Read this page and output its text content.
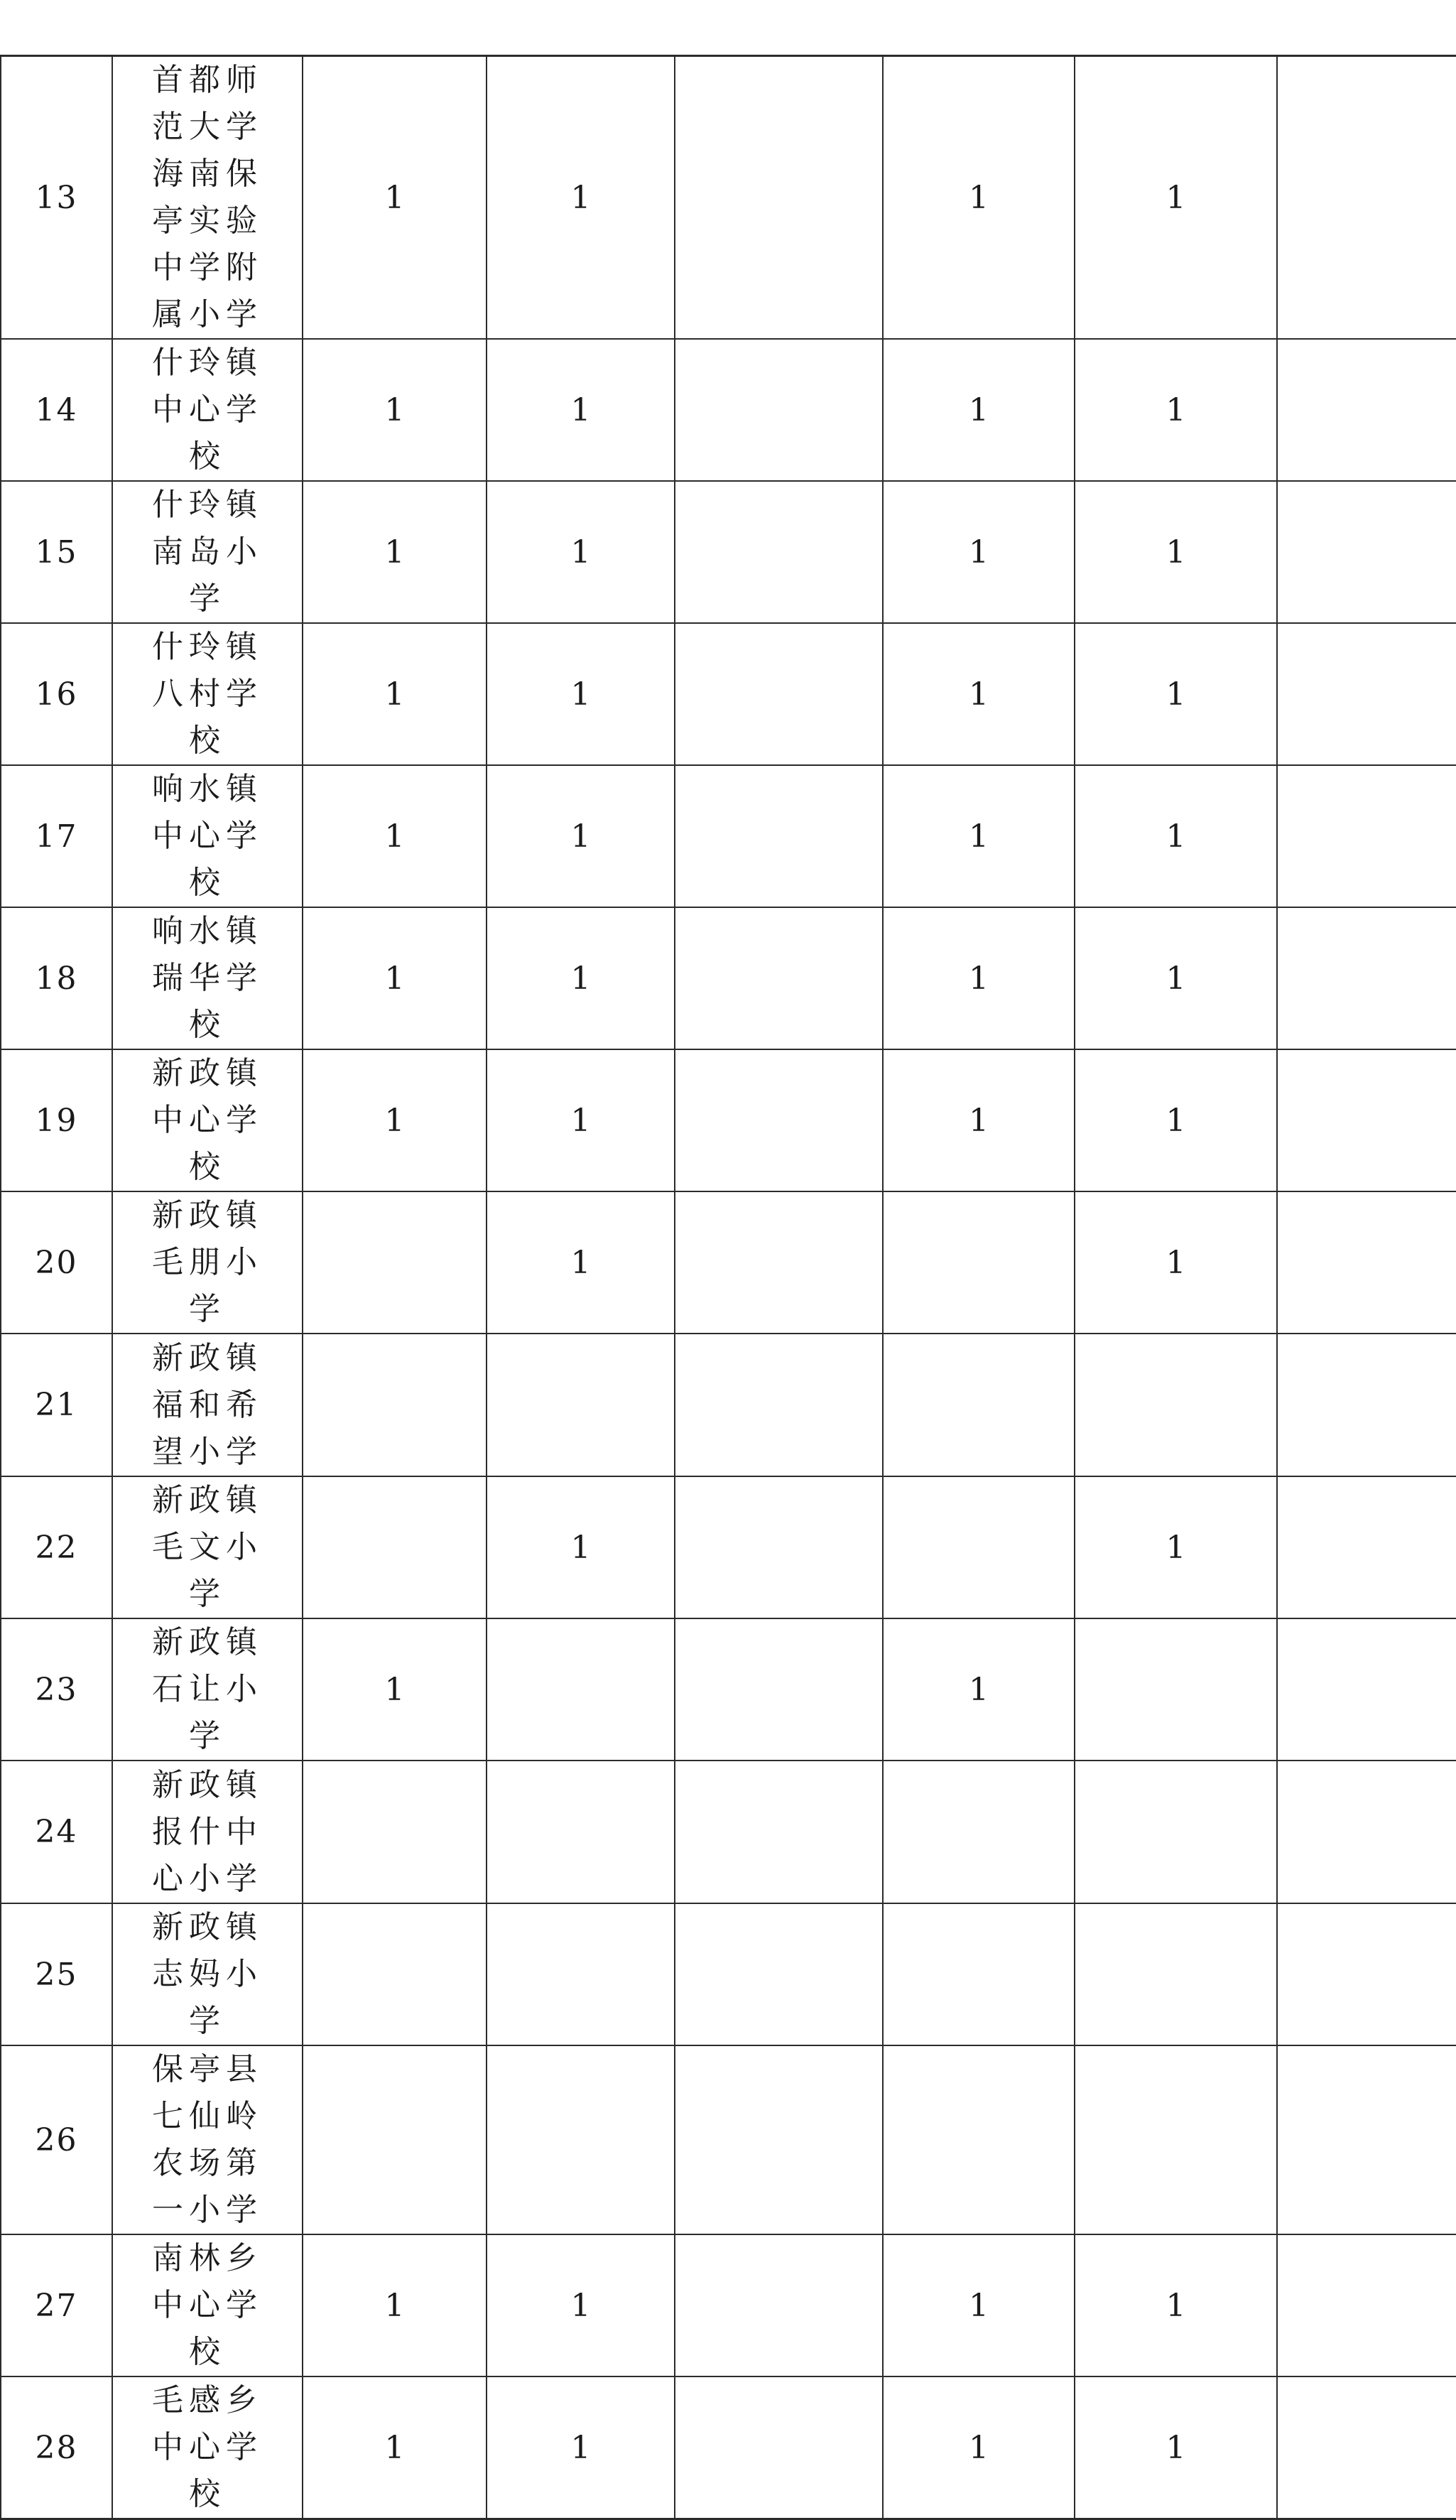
13	首都师范大学海南保亭实验中学附属小学	1	1		1	1	
14	什玲镇中心学校	1	1		1	1	
15	什玲镇南岛小学	1	1		1	1	
16	什玲镇八村学校	1	1		1	1	
17	响水镇中心学校	1	1		1	1	
18	响水镇瑞华学校	1	1		1	1	
19	新政镇中心学校	1	1		1	1	
20	新政镇毛朋小学		1			1	
21	新政镇福和希望小学						

22	新政镇毛文小学		1			1	
23	新政镇石让小学	1			1		
24	新政镇报什中心小学						

25	新政镇志妈小学						

26	保亭县七仙岭农场第一小学						

27	南林乡中心学校	1	1		1	1	
28	毛感乡中心学校	1	1		1	1	
